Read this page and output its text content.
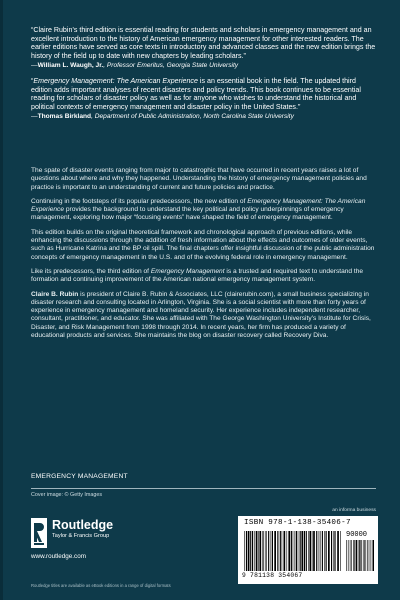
“Claire Rubin’s third edition is essential reading for students and scholars in emergency management and an excellent introduction to the history of American emergency management for other interested readers. The earlier editions have served as core texts in introductory and advanced classes and the new edition brings the history of the field up to date with new chapters by leading scholars.”
—William L. Waugh, Jr., Professor Emeritus, Georgia State University
“Emergency Management: The American Experience is an essential book in the field. The updated third edition adds important analyses of recent disasters and policy trends. This book continues to be essential reading for scholars of disaster policy as well as for anyone who wishes to understand the historical and political contexts of emergency management and disaster policy in the United States.”
—Thomas Birkland, Department of Public Administration, North Carolina State University

The spate of disaster events ranging from major to catastrophic that have occurred in recent years raises a lot of questions about where and why they happened. Understanding the history of emergency management policies and practice is important to an understanding of current and future policies and practice.

Continuing in the footsteps of its popular predecessors, the new edition of Emergency Management: The American Experience provides the background to understand the key political and policy underpinnings of emergency management, exploring how major “focusing events” have shaped the field of emergency management.

This edition builds on the original theoretical framework and chronological approach of previous editions, while enhancing the discussions through the addition of fresh information about the effects and outcomes of older events, such as Hurricane Katrina and the BP oil spill. The final chapters offer insightful discussion of the public administration concepts of emergency management in the U.S. and of the evolving federal role in emergency management.

Like its predecessors, the third edition of Emergency Management is a trusted and required text to understand the formation and continuing improvement of the American national emergency management system.

Claire B. Rubin is president of Claire B. Rubin & Associates, LLC (clairerubin.com), a small business specializing in disaster research and consulting located in Arlington, Virginia. She is a social scientist with more than forty years of experience in emergency management and homeland security. Her experience includes independent researcher, consultant, practitioner, and educator. She was affiliated with The George Washington University’s Institute for Crisis, Disaster, and Risk Management from 1998 through 2014. In recent years, her firm has produced a variety of educational products and services. She maintains the blog on disaster recovery called Recovery Diva.

EMERGENCY MANAGEMENT
Cover image: © Getty Images
an informa business
Routledge
Taylor & Francis Group
www.routledge.com
Routledge titles are available as eBook editions in a range of digital formats
ISBN 978-1-138-35406-7
90000
9 781138 354067
